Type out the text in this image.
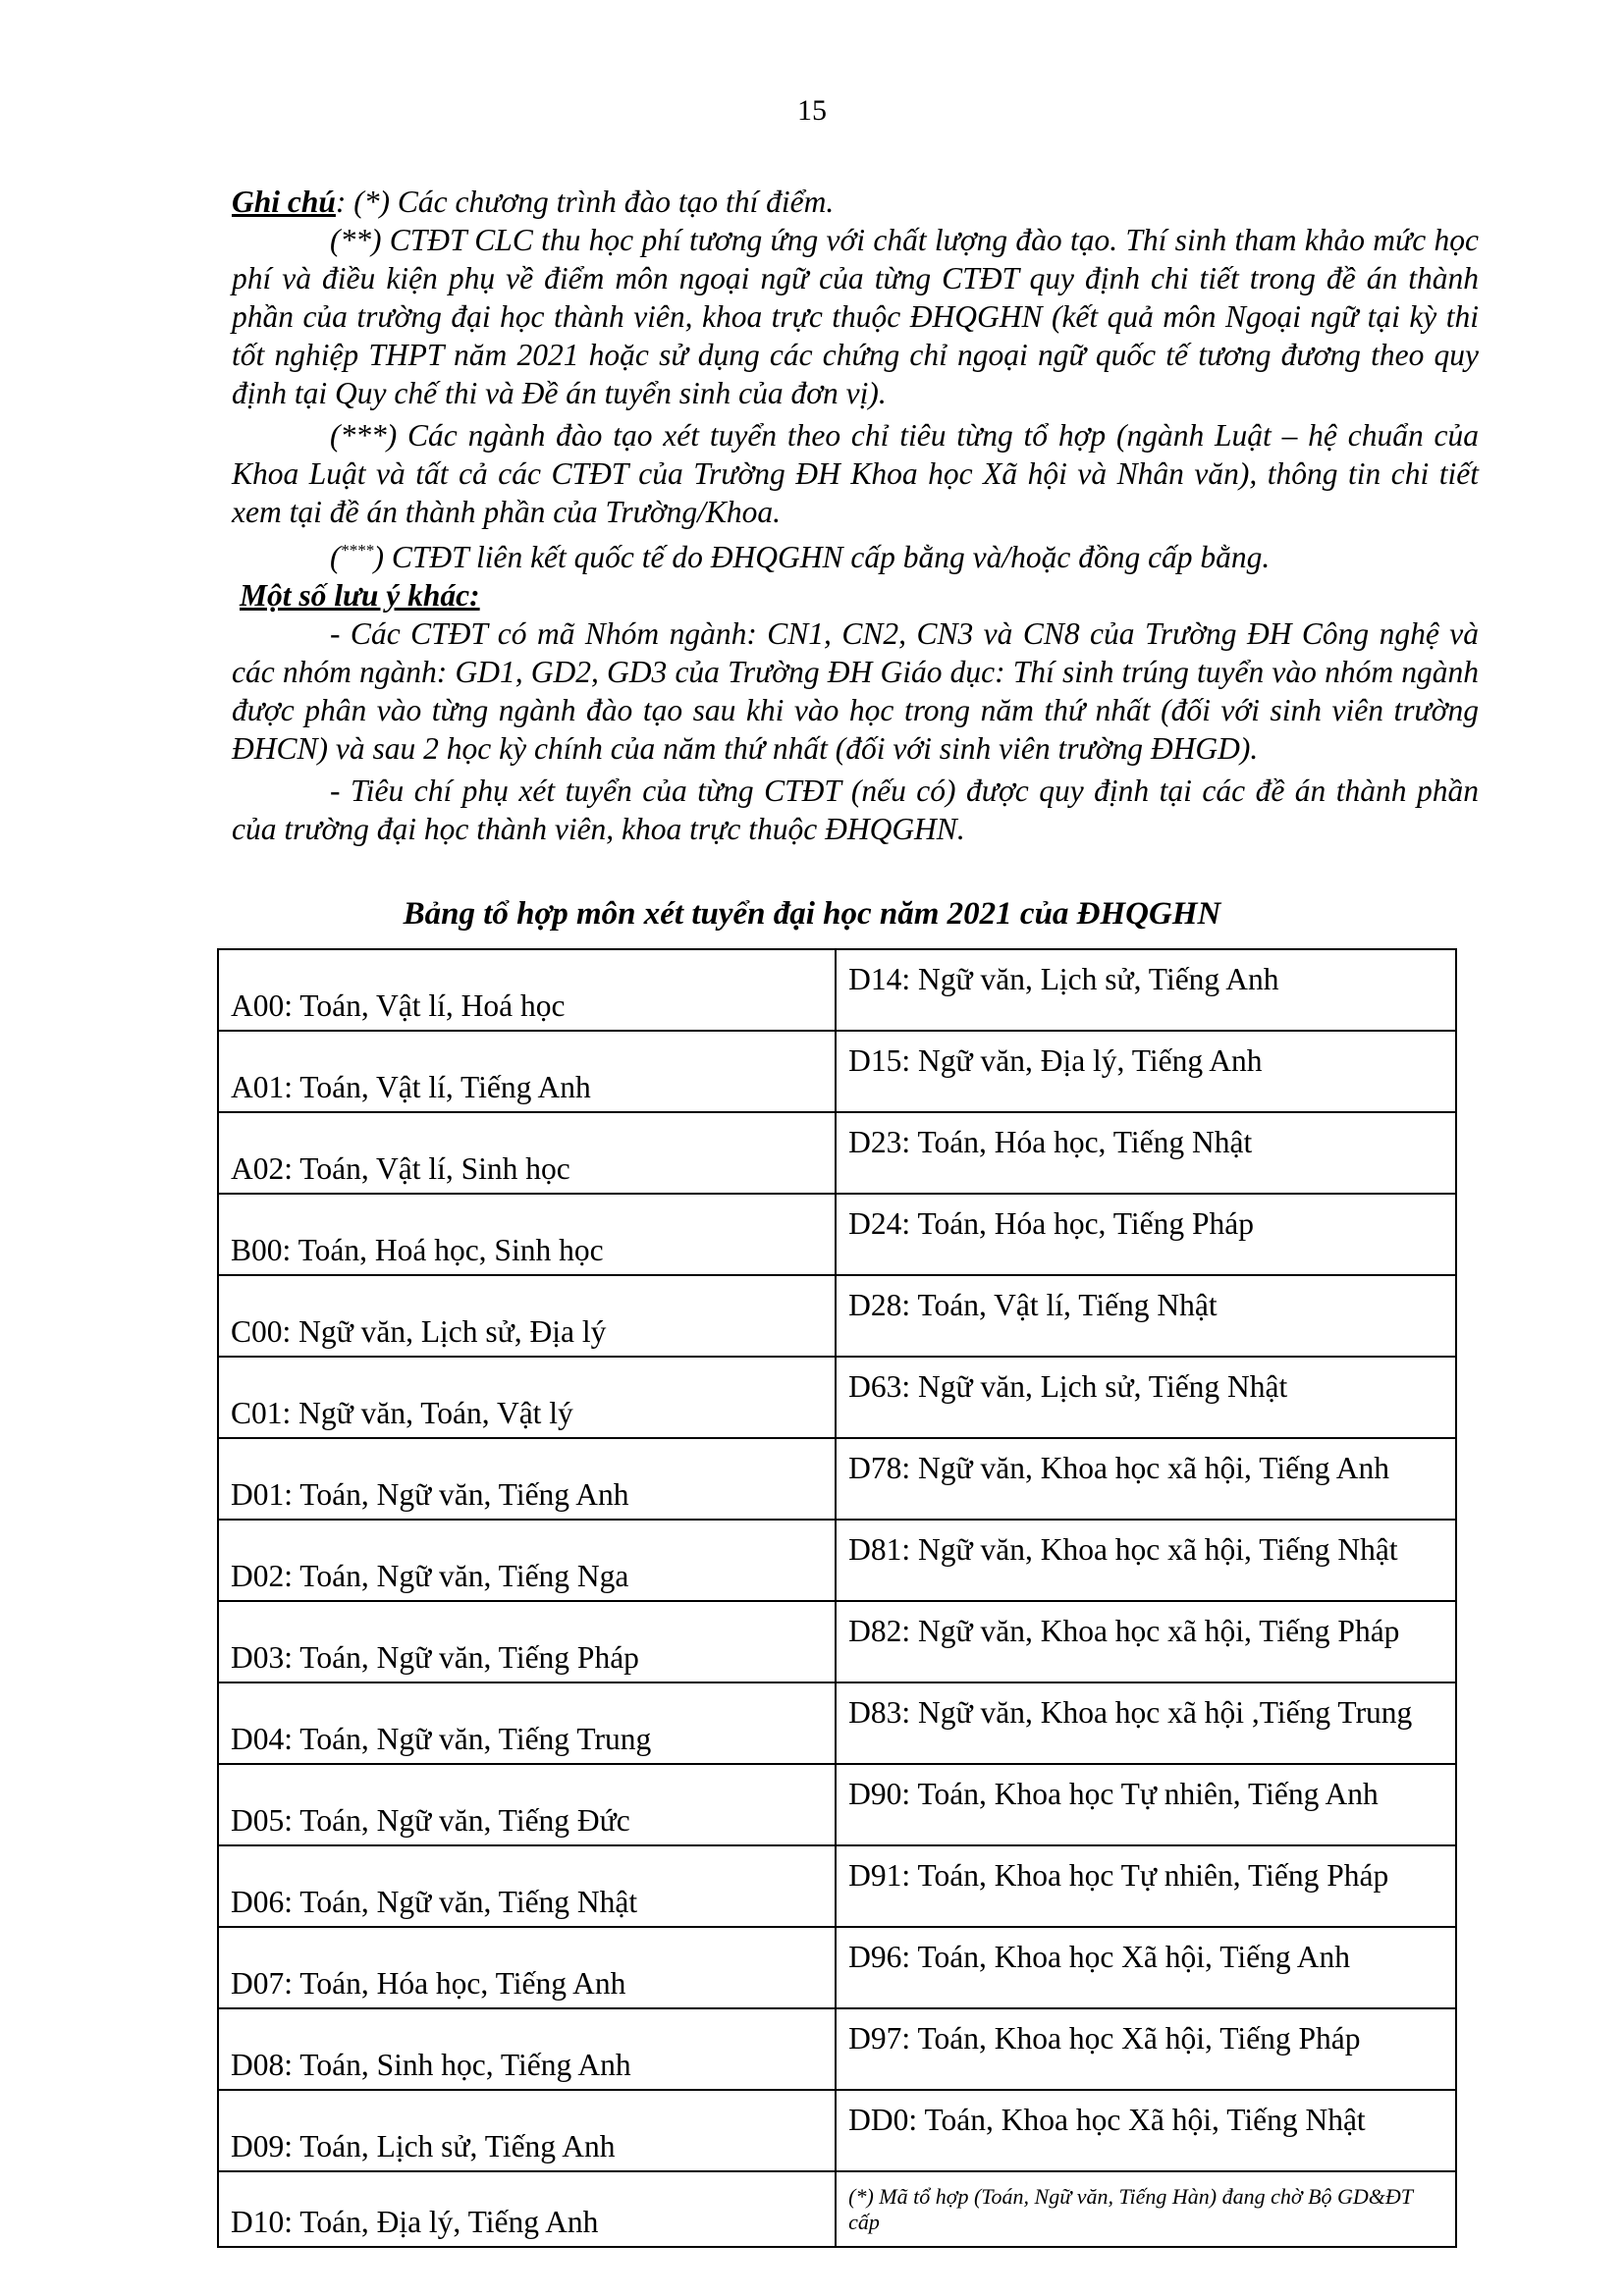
15

Ghi chú: (*) Các chương trình đào tạo thí điểm.

(**) CTĐT CLC thu học phí tương ứng với chất lượng đào tạo. Thí sinh tham khảo mức học phí và điều kiện phụ về điểm môn ngoại ngữ của từng CTĐT quy định chi tiết trong đề án thành phần của trường đại học thành viên, khoa trực thuộc ĐHQGHN (kết quả môn Ngoại ngữ tại kỳ thi tốt nghiệp THPT năm 2021 hoặc sử dụng các chứng chỉ ngoại ngữ quốc tế tương đương theo quy định tại Quy chế thi và Đề án tuyển sinh của đơn vị).

(***) Các ngành đào tạo xét tuyển theo chỉ tiêu từng tổ hợp (ngành Luật – hệ chuẩn của Khoa Luật và tất cả các CTĐT của Trường ĐH Khoa học Xã hội và Nhân văn), thông tin chi tiết xem tại đề án thành phần của Trường/Khoa.

(****) CTĐT liên kết quốc tế do ĐHQGHN cấp bằng và/hoặc đồng cấp bằng.

Một số lưu ý khác:

- Các CTĐT có mã Nhóm ngành: CN1, CN2, CN3 và CN8 của Trường ĐH Công nghệ và các nhóm ngành: GD1, GD2, GD3 của Trường ĐH Giáo dục: Thí sinh trúng tuyển vào nhóm ngành được phân vào từng ngành đào tạo sau khi vào học trong năm thứ nhất (đối với sinh viên trường ĐHCN) và sau 2 học kỳ chính của năm thứ nhất (đối với sinh viên trường ĐHGD).

- Tiêu chí phụ xét tuyển của từng CTĐT (nếu có) được quy định tại các đề án thành phần của trường đại học thành viên, khoa trực thuộc ĐHQGHN.

Bảng tổ hợp môn xét tuyển đại học năm 2021 của ĐHQGHN
A00: Toán, Vật lí, Hoá học	D14: Ngữ văn, Lịch sử, Tiếng Anh
A01: Toán, Vật lí, Tiếng Anh	D15: Ngữ văn, Địa lý, Tiếng Anh
A02: Toán, Vật lí, Sinh học	D23: Toán, Hóa học, Tiếng Nhật
B00: Toán, Hoá học, Sinh học	D24: Toán, Hóa học, Tiếng Pháp
C00: Ngữ văn, Lịch sử, Địa lý	D28: Toán, Vật lí, Tiếng Nhật
C01: Ngữ văn, Toán, Vật lý	D63: Ngữ văn, Lịch sử, Tiếng Nhật
D01: Toán, Ngữ văn, Tiếng Anh	D78: Ngữ văn, Khoa học xã hội, Tiếng Anh
D02: Toán, Ngữ văn, Tiếng Nga	D81: Ngữ văn, Khoa học xã hội, Tiếng Nhật
D03: Toán, Ngữ văn, Tiếng Pháp	D82: Ngữ văn, Khoa học xã hội, Tiếng Pháp
D04: Toán, Ngữ văn, Tiếng Trung	D83: Ngữ văn, Khoa học xã hội ,Tiếng Trung
D05: Toán, Ngữ văn, Tiếng Đức	D90: Toán, Khoa học Tự nhiên, Tiếng Anh
D06: Toán, Ngữ văn, Tiếng Nhật	D91: Toán, Khoa học Tự nhiên, Tiếng Pháp
D07: Toán, Hóa học, Tiếng Anh	D96: Toán, Khoa học Xã hội, Tiếng Anh
D08: Toán, Sinh học, Tiếng Anh	D97: Toán, Khoa học Xã hội, Tiếng Pháp
D09: Toán, Lịch sử, Tiếng Anh	DD0: Toán, Khoa học Xã hội, Tiếng Nhật
D10: Toán, Địa lý, Tiếng Anh	(*) Mã tổ hợp (Toán, Ngữ văn, Tiếng Hàn) đang chờ Bộ GD&ĐT cấp
